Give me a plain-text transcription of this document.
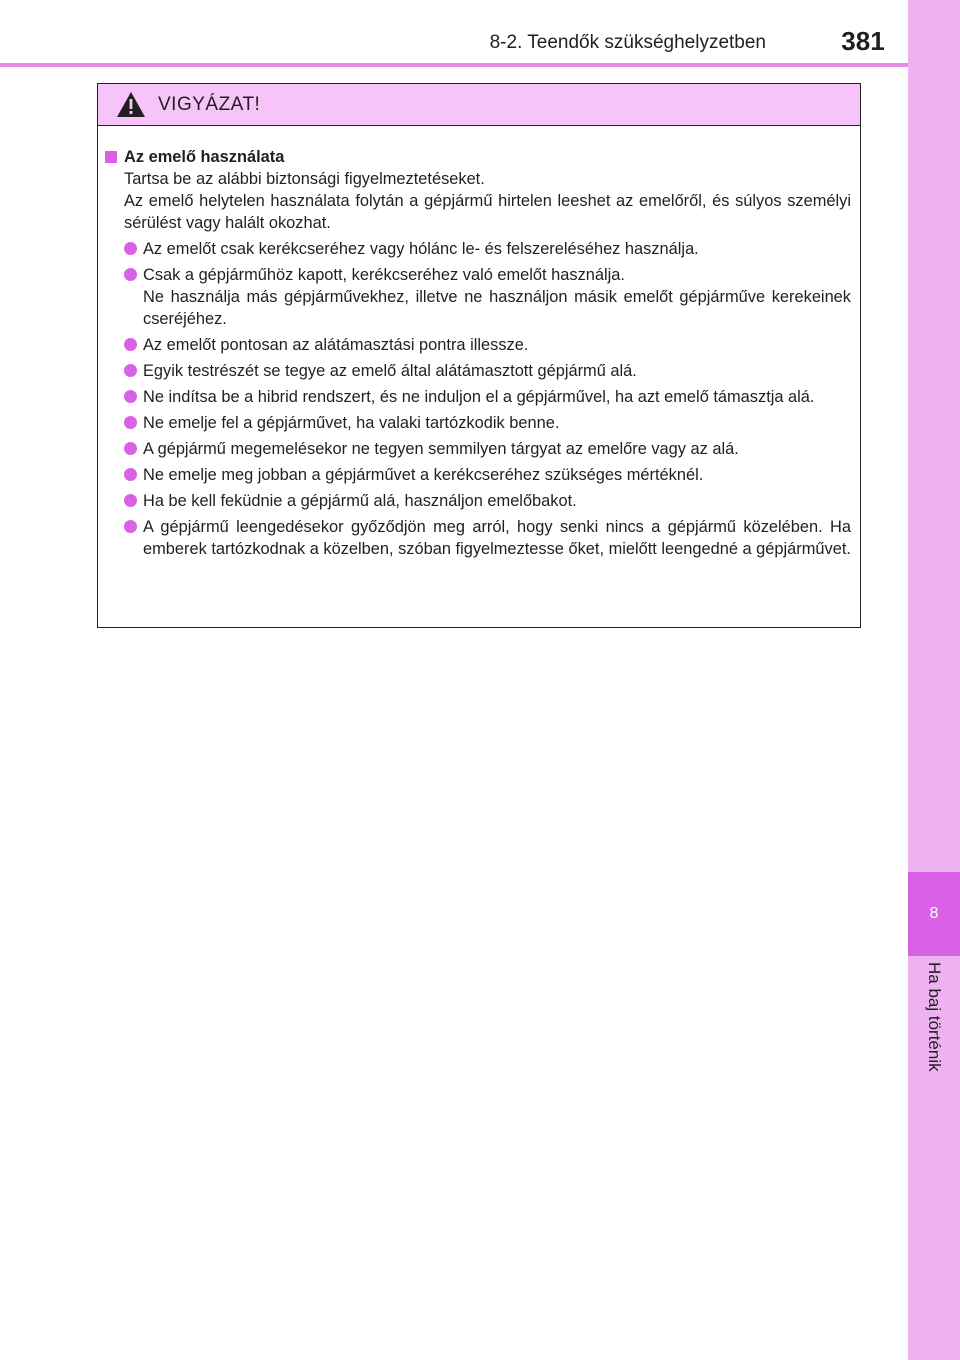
8-2. Teendők szükséghelyzetben	381
8
Ha baj történik
VIGYÁZAT!
Az emelő használata
Tartsa be az alábbi biztonsági figyelmeztetéseket.
Az emelő helytelen használata folytán a gépjármű hirtelen leeshet az emelőről, és súlyos személyi sérülést vagy halált okozhat.
Az emelőt csak kerékcseréhez vagy hólánc le- és felszereléséhez használja.
Csak a gépjárműhöz kapott, kerékcseréhez való emelőt használja.
Ne használja más gépjárművekhez, illetve ne használjon másik emelőt gépjárműve kerekeinek cseréjéhez.
Az emelőt pontosan az alátámasztási pontra illessze.
Egyik testrészét se tegye az emelő által alátámasztott gépjármű alá.
Ne indítsa be a hibrid rendszert, és ne induljon el a gépjárművel, ha azt emelő támasztja alá.
Ne emelje fel a gépjárművet, ha valaki tartózkodik benne.
A gépjármű megemelésekor ne tegyen semmilyen tárgyat az emelőre vagy az alá.
Ne emelje meg jobban a gépjárművet a kerékcseréhez szükséges mértéknél.
Ha be kell feküdnie a gépjármű alá, használjon emelőbakot.
A gépjármű leengedésekor győződjön meg arról, hogy senki nincs a gépjármű közelében. Ha emberek tartózkodnak a közelben, szóban figyelmeztesse őket, mielőtt leengedné a gépjárművet.
